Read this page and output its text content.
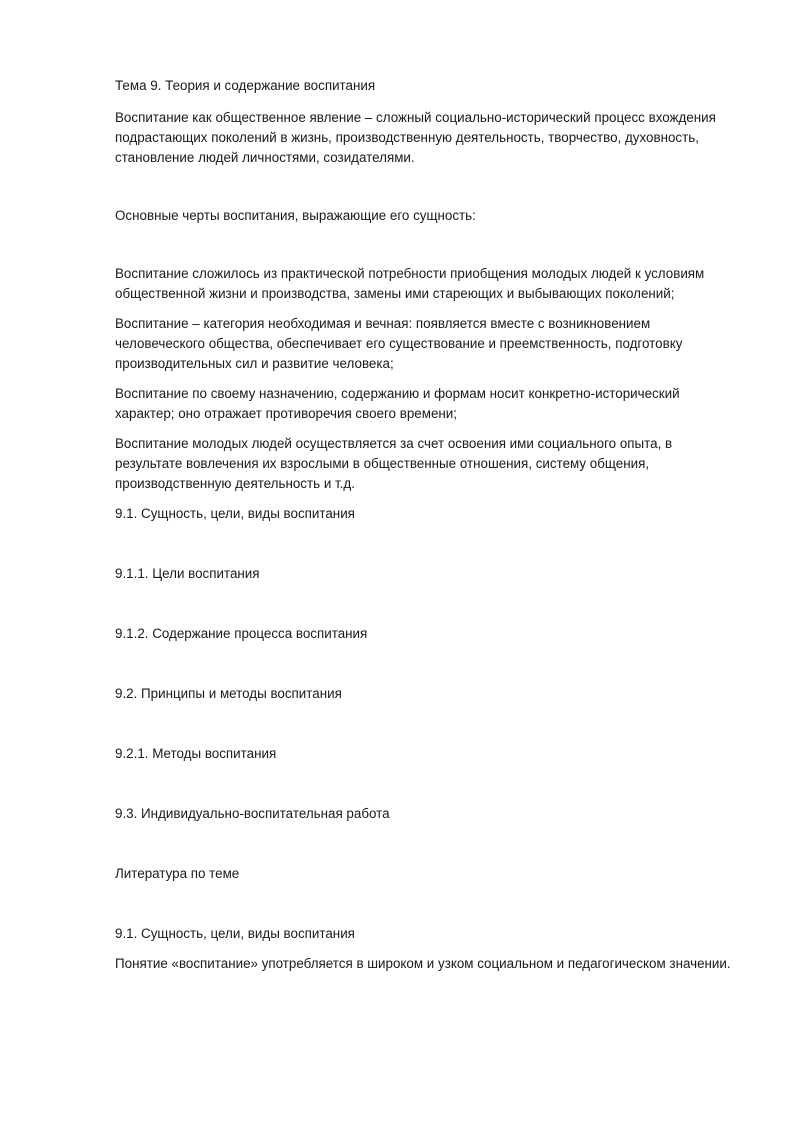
Тема 9. Теория и содержание воспитания

Воспитание как общественное явление – сложный социально-исторический процесс вхождения подрастающих поколений в жизнь, производственную деятельность, творчество, духовность, становление людей личностями, созидателями.

Основные черты воспитания, выражающие его сущность:

Воспитание сложилось из практической потребности приобщения молодых людей к условиям общественной жизни и производства, замены ими стареющих и выбывающих поколений;

Воспитание – категория необходимая и вечная: появляется вместе с возникновением человеческого общества, обеспечивает его существование и преемственность, подготовку производительных сил и развитие человека;

Воспитание по своему назначению, содержанию и формам носит конкретно-исторический характер; оно отражает противоречия своего времени;

Воспитание молодых людей осуществляется за счет освоения ими социального опыта, в результате вовлечения их взрослыми в общественные отношения, систему общения, производственную деятельность и т.д.

9.1. Сущность, цели, виды воспитания

9.1.1. Цели воспитания

9.1.2. Содержание процесса воспитания

9.2. Принципы и методы воспитания

9.2.1. Методы воспитания

9.3. Индивидуально-воспитательная работа

Литература по теме

9.1. Сущность, цели, виды воспитания

Понятие «воспитание» употребляется в широком и узком социальном и педагогическом значении.
